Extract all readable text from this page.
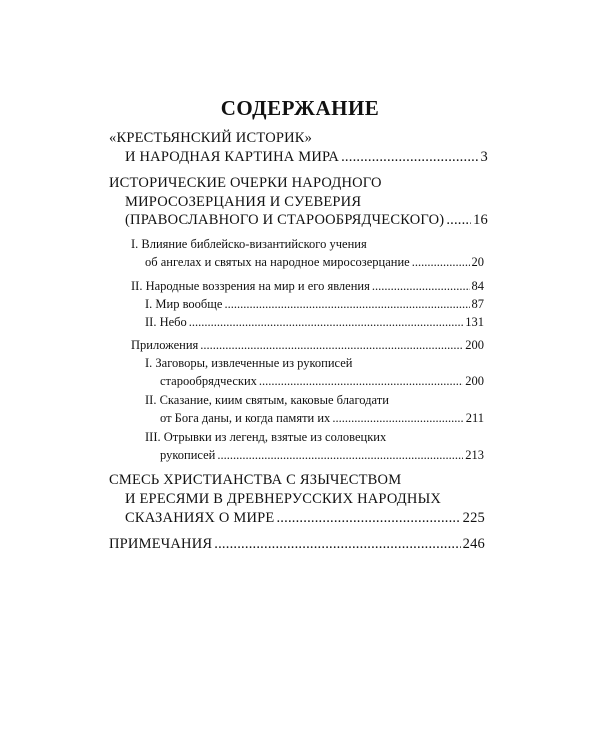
СОДЕРЖАНИЕ
«КРЕСТЬЯНСКИЙ ИСТОРИК»
И НАРОДНАЯ КАРТИНА МИРА .....	3
ИСТОРИЧЕСКИЕ ОЧЕРКИ НАРОДНОГО
МИРОСОЗЕРЦАНИЯ И СУЕВЕРИЯ
(ПРАВОСЛАВНОГО И СТАРООБРЯДЧЕСКОГО) ..... 16
I. Влияние библейско-византийского учения
об ангелах и святых на народное миросозерцание .....	20
II. Народные воззрения на мир и его явления .....	84
I. Мир вообще .....	87
II. Небо .....	131
Приложения .....	200
I. Заговоры, извлеченные из рукописей
старообрядческих .....	200
II. Сказание, киим святым, каковые благодати
от Бога даны, и когда памяти их .....	211
III. Отрывки из легенд, взятые из соловецких
рукописей .....	213
СМЕСЬ ХРИСТИАНСТВА С ЯЗЫЧЕСТВОМ
И ЕРЕСЯМИ В ДРЕВНЕРУССКИХ НАРОДНЫХ
СКАЗАНИЯХ О МИРЕ .....	225
ПРИМЕЧАНИЯ .....	246
